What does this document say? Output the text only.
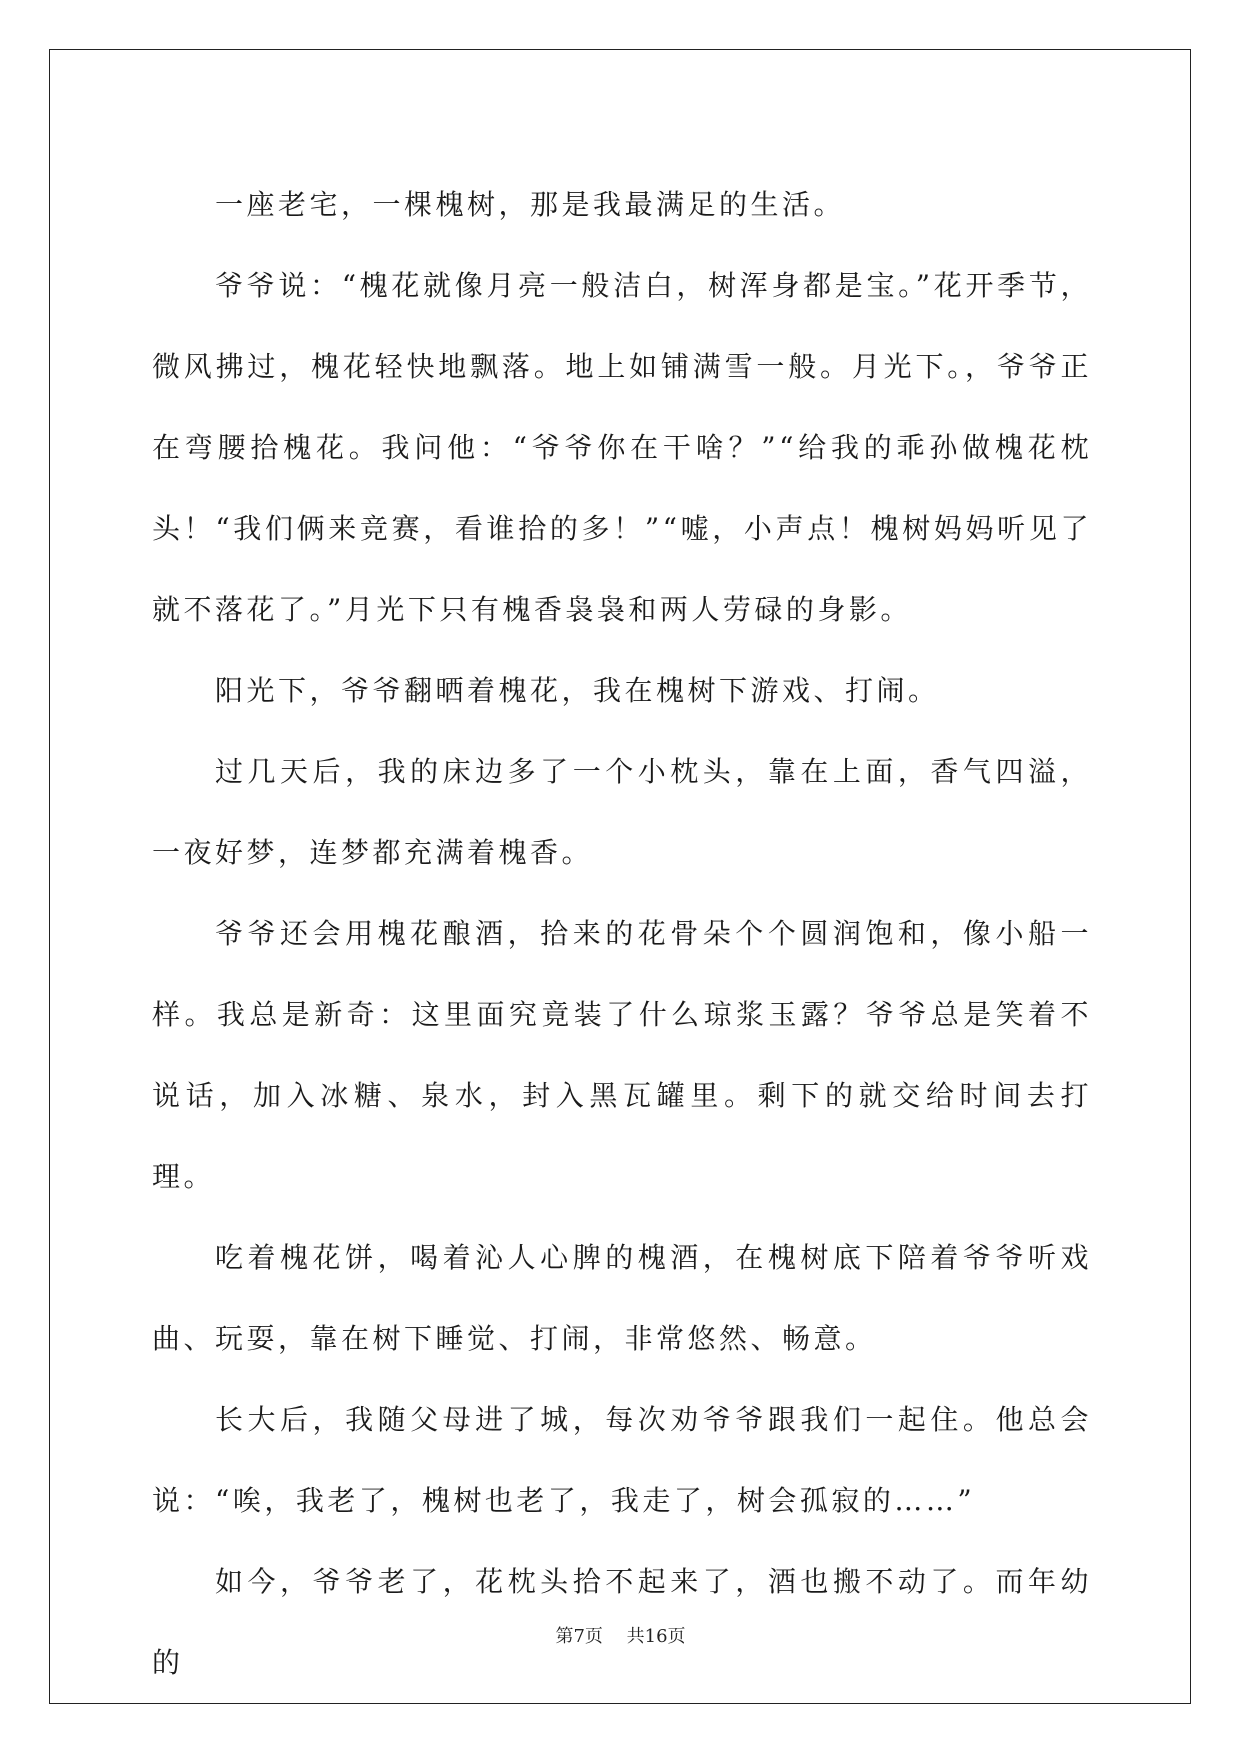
一座老宅，一棵槐树，那是我最满足的生活。

爷爷说：“槐花就像月亮一般洁白，树浑身都是宝。”花开季节，微风拂过，槐花轻快地飘落。地上如铺满雪一般。月光下。，爷爷正在弯腰拾槐花。我问他：“爷爷你在干啥？”“给我的乖孙做槐花枕头！“我们俩来竞赛，看谁拾的多！”“嘘，小声点！槐树妈妈听见了就不落花了。”月光下只有槐香袅袅和两人劳碌的身影。

阳光下，爷爷翻晒着槐花，我在槐树下游戏、打闹。

过几天后，我的床边多了一个小枕头，靠在上面，香气四溢，一夜好梦，连梦都充满着槐香。

爷爷还会用槐花酿酒，拾来的花骨朵个个圆润饱和，像小船一样。我总是新奇：这里面究竟装了什么琼浆玉露？爷爷总是笑着不说话，加入冰糖、泉水，封入黑瓦罐里。剩下的就交给时间去打理。

吃着槐花饼，喝着沁人心脾的槐酒，在槐树底下陪着爷爷听戏曲、玩耍，靠在树下睡觉、打闹，非常悠然、畅意。

长大后，我随父母进了城，每次劝爷爷跟我们一起住。他总会说：“唉，我老了，槐树也老了，我走了，树会孤寂的……”

如今，爷爷老了，花枕头拾不起来了，酒也搬不动了。而年幼的

第7页 共16页
